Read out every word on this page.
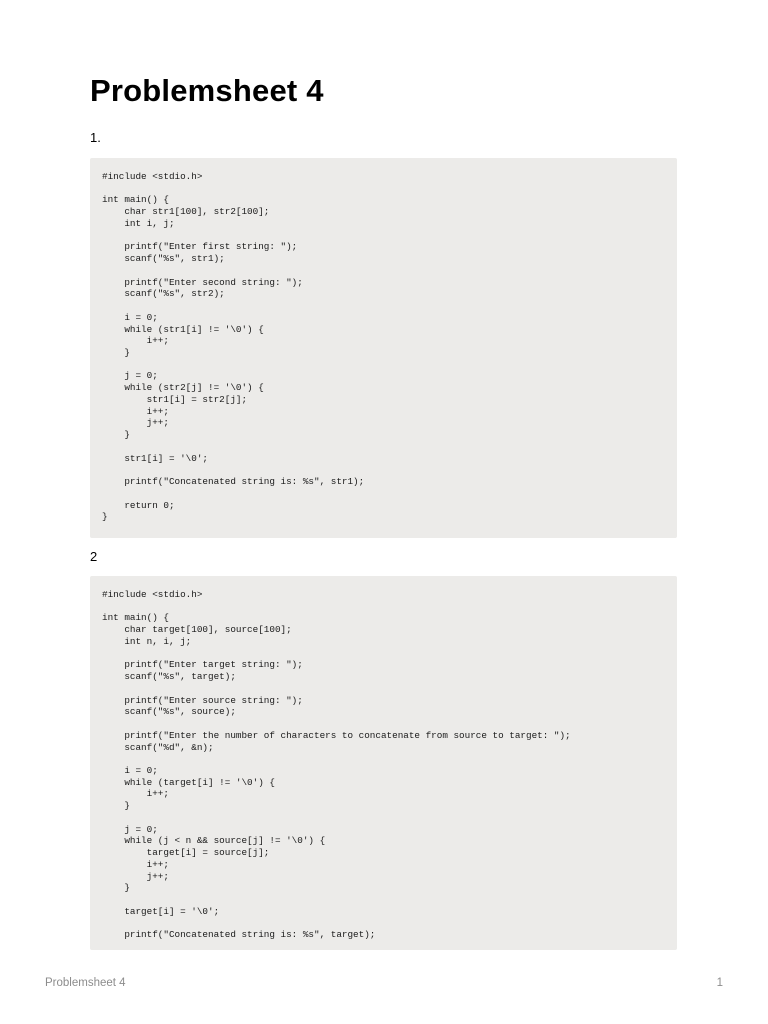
Problemsheet 4
1.
#include <stdio.h>

int main() {
char str1[100], str2[100];
int i, j;

printf("Enter first string: ");
scanf("%s", str1);

printf("Enter second string: ");
scanf("%s", str2);

i = 0;
while (str1[i] != '\0') {
i++;
}

j = 0;
while (str2[j] != '\0') {
str1[i] = str2[j];
i++;
j++;
}

str1[i] = '\0';

printf("Concatenated string is: %s", str1);

return 0;
}
2
#include <stdio.h>

int main() {
char target[100], source[100];
int n, i, j;

printf("Enter target string: ");
scanf("%s", target);

printf("Enter source string: ");
scanf("%s", source);

printf("Enter the number of characters to concatenate from source to target: ");
scanf("%d", &n);

i = 0;
while (target[i] != '\0') {
i++;
}

j = 0;
while (j < n && source[j] != '\0') {
target[i] = source[j];
i++;
j++;
}

target[i] = '\0';

printf("Concatenated string is: %s", target);
Problemsheet 4	1
